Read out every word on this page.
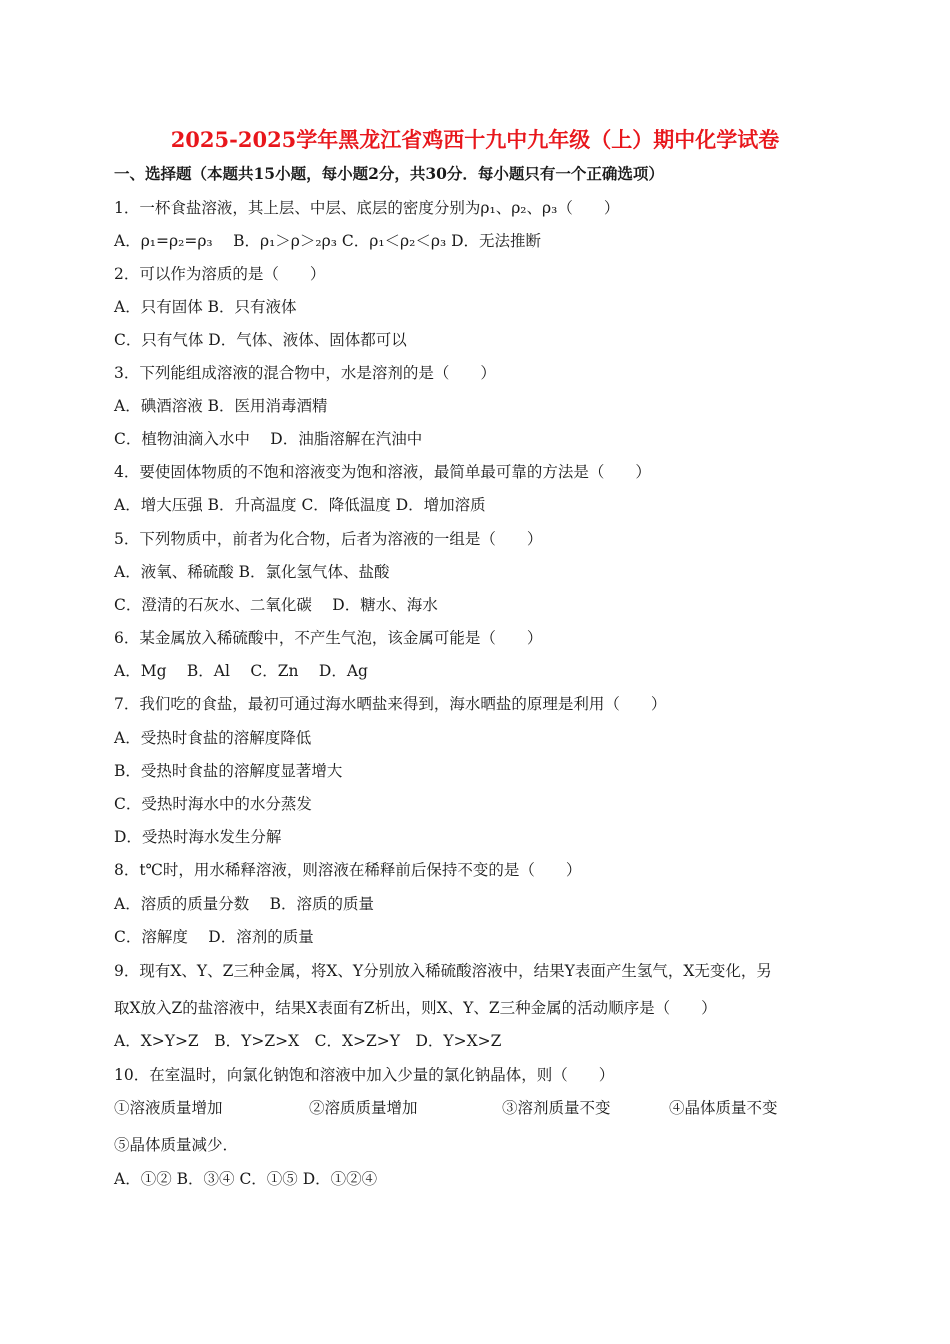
2025-2025学年黑龙江省鸡西十九中九年级（上）期中化学试卷
一、选择题（本题共15小题，每小题2分，共30分．每小题只有一个正确选项）
1．一杯食盐溶液，其上层、中层、底层的密度分别为ρ₁、ρ₂、ρ₃（　　）
A．ρ₁=ρ₂=ρ₃　 B．ρ₁＞ρ＞₂ρ₃ C．ρ₁＜ρ₂＜ρ₃ D．无法推断
2．可以作为溶质的是（　　）
A．只有固体 B．只有液体
C．只有气体 D．气体、液体、固体都可以
3．下列能组成溶液的混合物中，水是溶剂的是（　　）
A．碘酒溶液 B．医用消毒酒精
C．植物油滴入水中　 D．油脂溶解在汽油中
4．要使固体物质的不饱和溶液变为饱和溶液，最简单最可靠的方法是（　　）
A．增大压强 B．升高温度 C．降低温度 D．增加溶质
5．下列物质中，前者为化合物，后者为溶液的一组是（　　）
A．液氧、稀硫酸 B．氯化氢气体、盐酸
C．澄清的石灰水、二氧化碳　 D．糖水、海水
6．某金属放入稀硫酸中，不产生气泡，该金属可能是（　　）
A．Mg　 B．Al　 C．Zn　 D．Ag
7．我们吃的食盐，最初可通过海水晒盐来得到，海水晒盐的原理是利用（　　）
A．受热时食盐的溶解度降低
B．受热时食盐的溶解度显著增大
C．受热时海水中的水分蒸发
D．受热时海水发生分解
8．t℃时，用水稀释溶液，则溶液在稀释前后保持不变的是（　　）
A．溶质的质量分数　 B．溶质的质量
C．溶解度　 D．溶剂的质量
9．现有X、Y、Z三种金属，将X、Y分别放入稀硫酸溶液中，结果Y表面产生氢气，X无变化，另
取X放入Z的盐溶液中，结果X表面有Z析出，则X、Y、Z三种金属的活动顺序是（　　）
A．X>Y>Z　B．Y>Z>X　C．X>Z>Y　D．Y>X>Z
10．在室温时，向氯化钠饱和溶液中加入少量的氯化钠晶体，则（　　）
①溶液质量增加	②溶质质量增加	③溶剂质量不变	④晶体质量不变
⑤晶体质量减少．
A．①② B．③④ C．①⑤ D．①②④
